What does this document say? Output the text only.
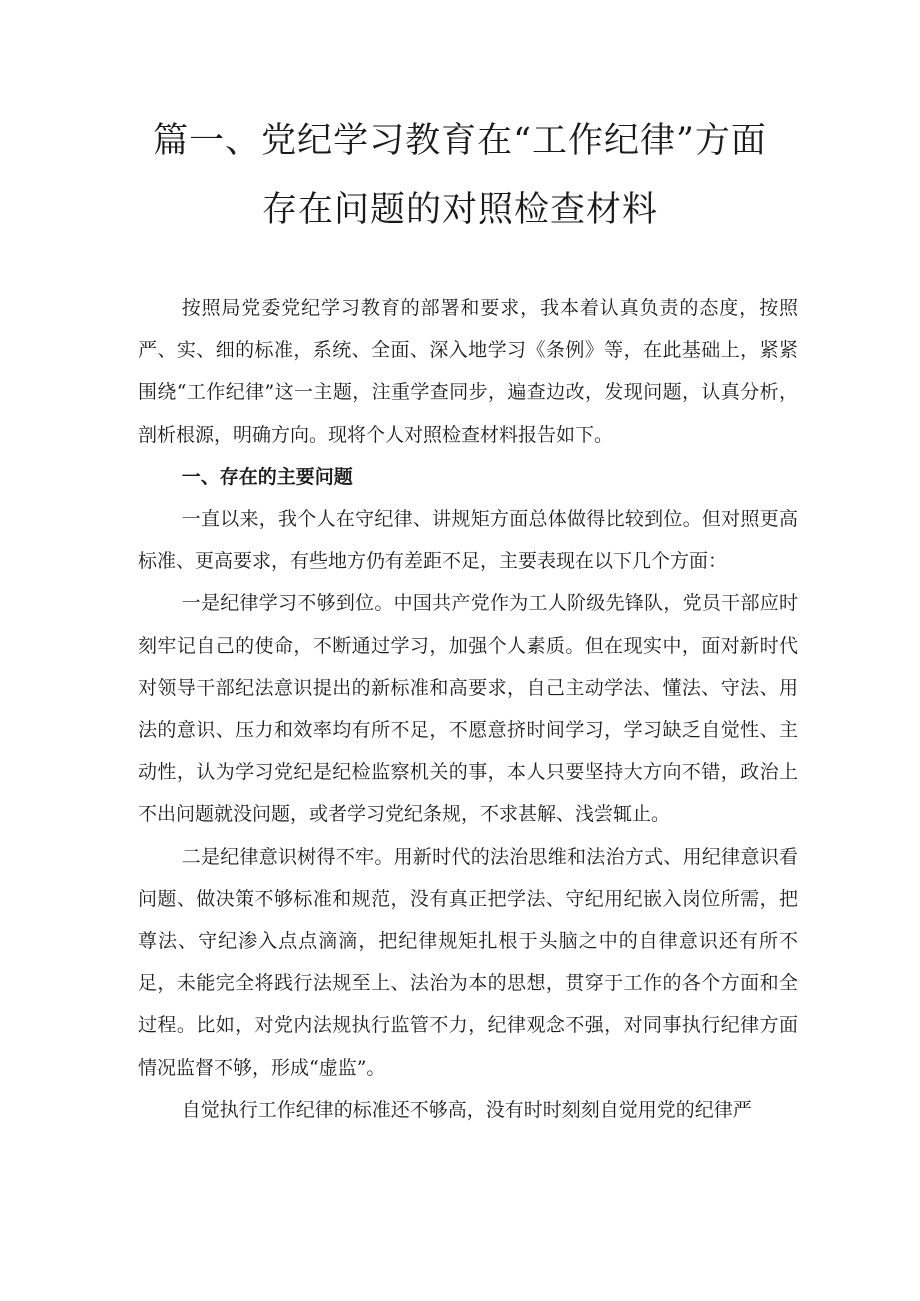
篇一、党纪学习教育在“工作纪律”方面
存在问题的对照检查材料

按照局党委党纪学习教育的部署和要求，我本着认真负责的态度，按照严、实、细的标准，系统、全面、深入地学习《条例》等，在此基础上，紧紧围绕“工作纪律”这一主题，注重学查同步，遍查边改，发现问题，认真分析，剖析根源，明确方向。现将个人对照检查材料报告如下。

一、存在的主要问题

一直以来，我个人在守纪律、讲规矩方面总体做得比较到位。但对照更高标准、更高要求，有些地方仍有差距不足，主要表现在以下几个方面：

一是纪律学习不够到位。中国共产党作为工人阶级先锋队，党员干部应时刻牢记自己的使命，不断通过学习，加强个人素质。但在现实中，面对新时代对领导干部纪法意识提出的新标准和高要求，自己主动学法、懂法、守法、用法的意识、压力和效率均有所不足，不愿意挤时间学习，学习缺乏自觉性、主动性，认为学习党纪是纪检监察机关的事，本人只要坚持大方向不错，政治上不出问题就没问题，或者学习党纪条规，不求甚解、浅尝辄止。

二是纪律意识树得不牢。用新时代的法治思维和法治方式、用纪律意识看问题、做决策不够标准和规范，没有真正把学法、守纪用纪嵌入岗位所需，把尊法、守纪渗入点点滴滴，把纪律规矩扎根于头脑之中的自律意识还有所不足，未能完全将践行法规至上、法治为本的思想，贯穿于工作的各个方面和全过程。比如，对党内法规执行监管不力，纪律观念不强，对同事执行纪律方面情况监督不够，形成“虚监”。

自觉执行工作纪律的标准还不够高，没有时时刻刻自觉用党的纪律严
